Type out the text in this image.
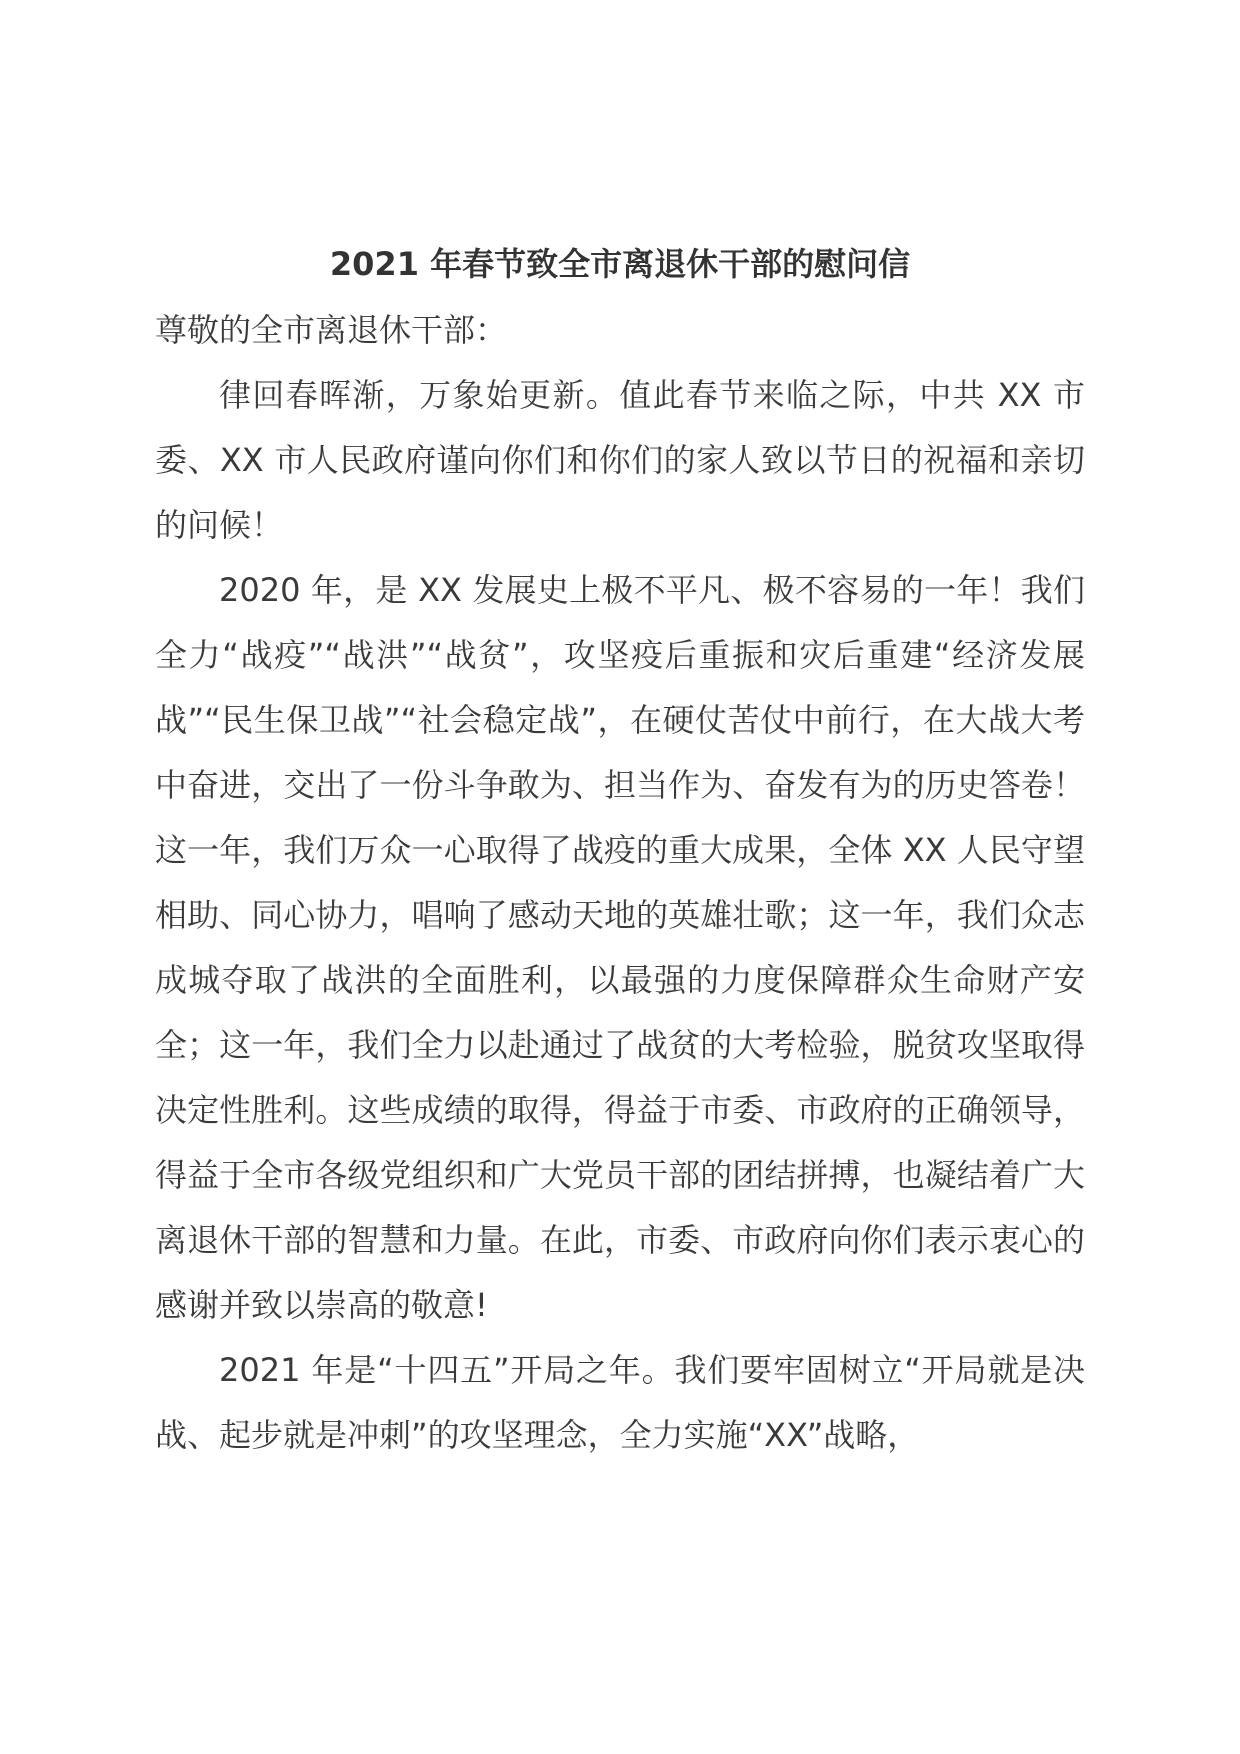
2021 年春节致全市离退休干部的慰问信

尊敬的全市离退休干部：

律回春晖渐，万象始更新。值此春节来临之际，中共 XX 市委、XX 市人民政府谨向你们和你们的家人致以节日的祝福和亲切的问候！

2020 年，是 XX 发展史上极不平凡、极不容易的一年！我们全力“战疫”“战洪”“战贫”，攻坚疫后重振和灾后重建“经济发展战”“民生保卫战”“社会稳定战”，在硬仗苦仗中前行，在大战大考中奋进，交出了一份斗争敢为、担当作为、奋发有为的历史答卷！这一年，我们万众一心取得了战疫的重大成果，全体 XX 人民守望相助、同心协力，唱响了感动天地的英雄壮歌；这一年，我们众志成城夺取了战洪的全面胜利，以最强的力度保障群众生命财产安全；这一年，我们全力以赴通过了战贫的大考检验，脱贫攻坚取得决定性胜利。这些成绩的取得，得益于市委、市政府的正确领导，得益于全市各级党组织和广大党员干部的团结拼搏，也凝结着广大离退休干部的智慧和力量。在此，市委、市政府向你们表示衷心的感谢并致以崇高的敬意!

2021 年是“十四五”开局之年。我们要牢固树立“开局就是决战、起步就是冲刺”的攻坚理念，全力实施“XX”战略，
